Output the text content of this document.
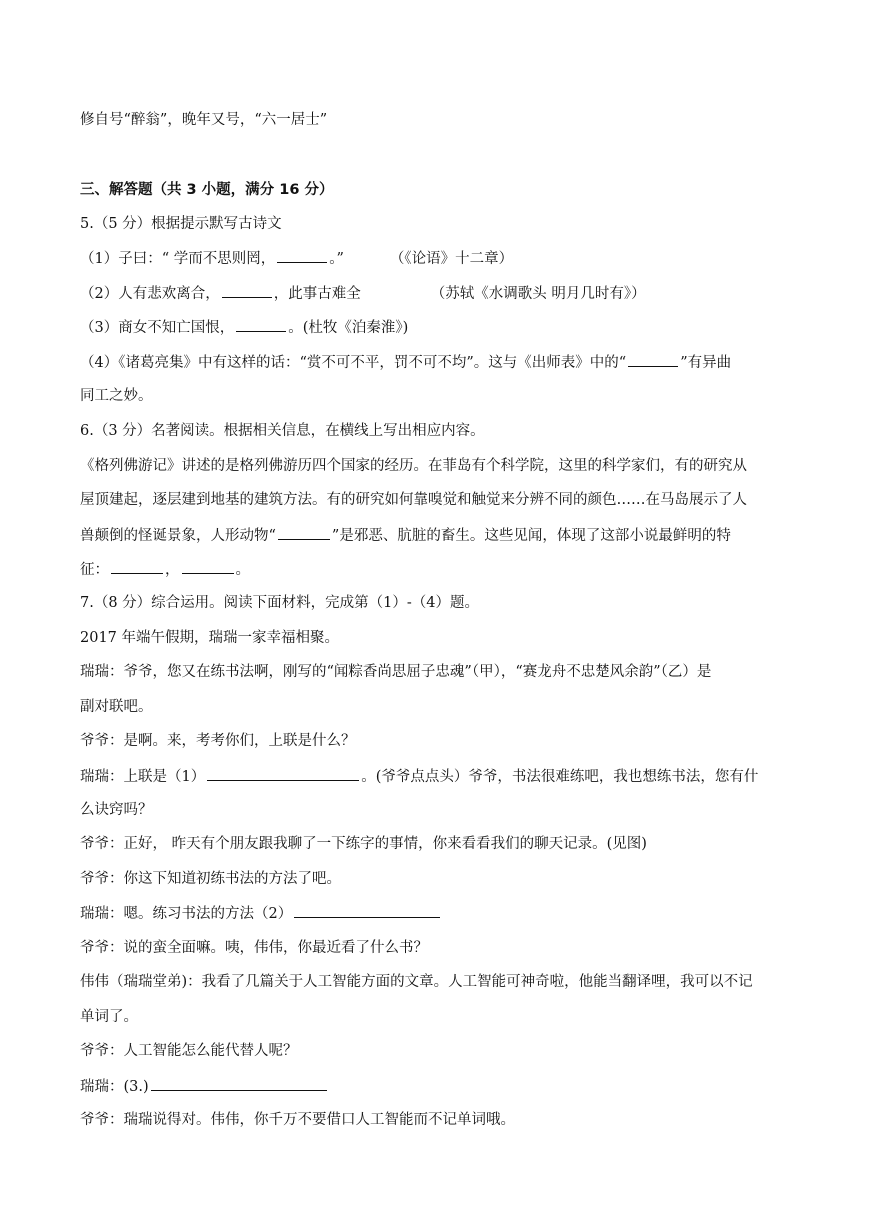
修自号“醉翁”，晚年又号，“六一居士”
三、解答题（共 3 小题，满分 16 分）
5.（5 分）根据提示默写古诗文
（1）子曰：“ 学而不思则罔，	。”	（《论语》十二章）
（2）人有悲欢离合，	，此事古难全	（苏轼《水调歌头 明月几时有》）
（3）商女不知亡国恨，	。(杜牧《泊秦淮》)
（4）《诸葛亮集》中有这样的话：“赏不可不平，罚不可不均”。这与《出师表》中的“	”有异曲
同工之妙。
6.（3 分）名著阅读。根据相关信息，在横线上写出相应内容。
《格列佛游记》讲述的是格列佛游历四个国家的经历。在菲岛有个科学院，这里的科学家们，有的研究从
屋顶建起，逐层建到地基的建筑方法。有的研究如何靠嗅觉和触觉来分辨不同的颜色……在马岛展示了人
兽颠倒的怪诞景象，人形动物“	”是邪恶、肮脏的畜生。这些见闻，体现了这部小说最鲜明的特
征：	，	。
7.（8 分）综合运用。阅读下面材料，完成第（1）-（4）题。
2017 年端午假期，瑞瑞一家幸福相聚。
瑞瑞：爷爷，您又在练书法啊，刚写的“闻粽香尚思屈子忠魂”（甲），“赛龙舟不忠楚风余韵”（乙）是
副对联吧。
爷爷：是啊。来，考考你们，上联是什么？
瑞瑞：上联是（1）	。(爷爷点点头）爷爷，书法很难练吧，我也想练书法，您有什
么诀窍吗？
爷爷：正好， 昨天有个朋友跟我聊了一下练字的事情，你来看看我们的聊天记录。(见图)
爷爷：你这下知道初练书法的方法了吧。
瑞瑞：嗯。练习书法的方法（2）
爷爷：说的蛮全面嘛。咦，伟伟，你最近看了什么书？
伟伟（瑞瑞堂弟)：我看了几篇关于人工智能方面的文章。人工智能可神奇啦，他能当翻译哩，我可以不记
单词了。
爷爷：人工智能怎么能代替人呢？
瑞瑞：(3.)
爷爷：瑞瑞说得对。伟伟，你千万不要借口人工智能而不记单词哦。
